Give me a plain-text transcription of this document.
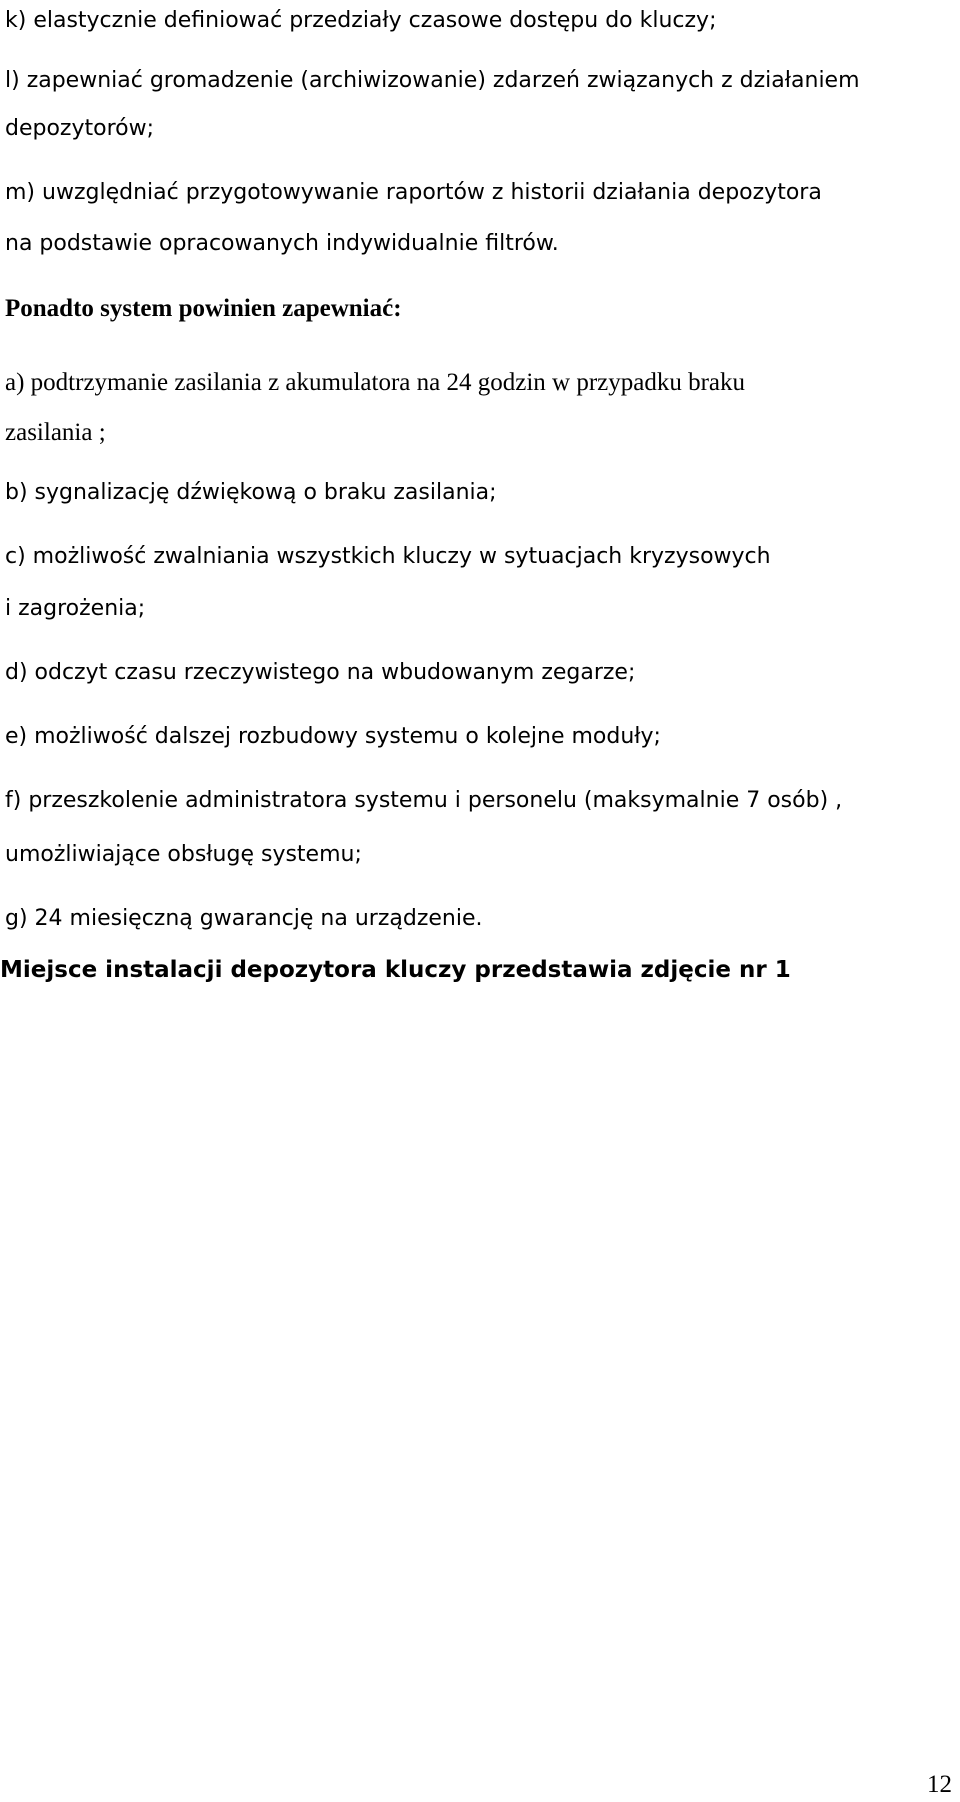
k) elastycznie definiować przedziały czasowe dostępu do kluczy;
l) zapewniać gromadzenie (archiwizowanie) zdarzeń związanych z działaniem
depozytorów;
m) uwzględniać przygotowywanie raportów z historii działania depozytora
na podstawie opracowanych indywidualnie filtrów.
Ponadto system powinien zapewniać:
a) podtrzymanie zasilania z akumulatora na 24 godzin w przypadku braku
zasilania ;
b) sygnalizację dźwiękową o braku zasilania;
c) możliwość zwalniania wszystkich kluczy w sytuacjach kryzysowych
i zagrożenia;
d) odczyt czasu rzeczywistego na wbudowanym zegarze;
e) możliwość dalszej rozbudowy systemu o kolejne moduły;
f) przeszkolenie administratora systemu i personelu (maksymalnie 7 osób) ,
umożliwiające obsługę systemu;
g) 24 miesięczną gwarancję na urządzenie.
Miejsce instalacji depozytora kluczy przedstawia zdjęcie nr 1
12
